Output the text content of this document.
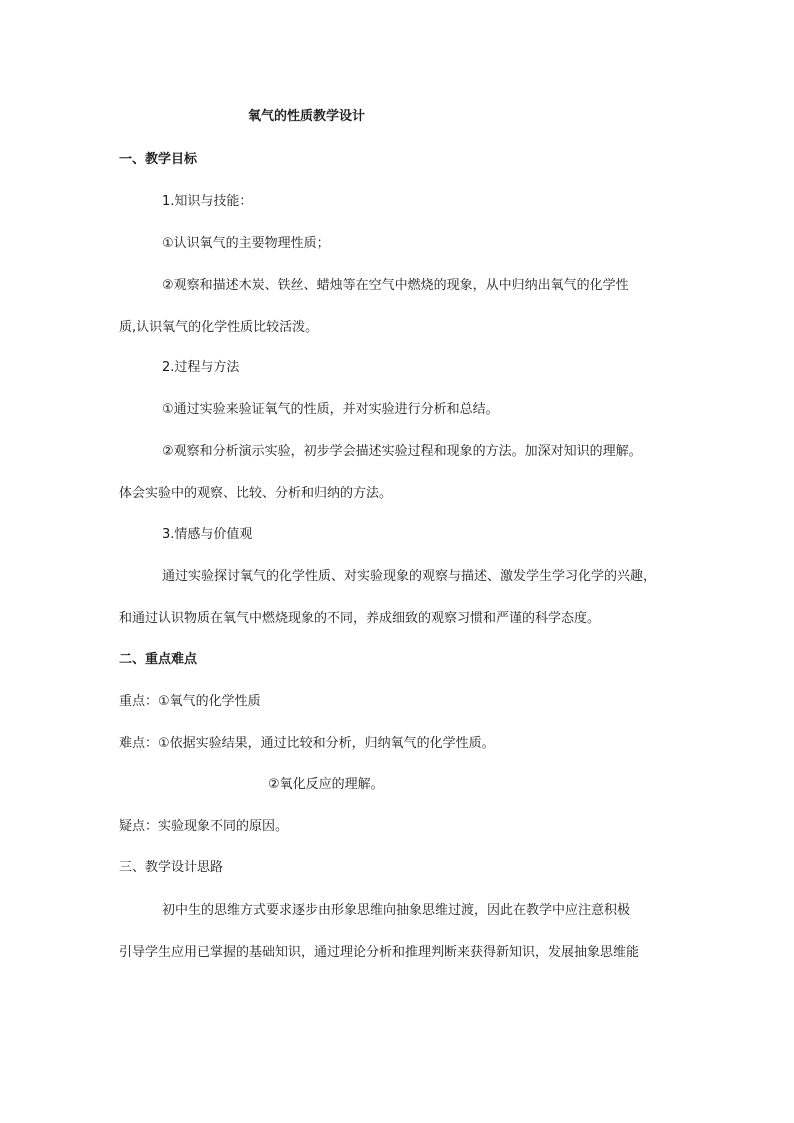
氧气的性质教学设计
一、教学目标
1.知识与技能：
①认识氧气的主要物理性质；
②观察和描述木炭、铁丝、蜡烛等在空气中燃烧的现象，从中归纳出氧气的化学性
质,认识氧气的化学性质比较活泼。
2.过程与方法
①通过实验来验证氧气的性质，并对实验进行分析和总结。
②观察和分析演示实验，初步学会描述实验过程和现象的方法。加深对知识的理解。
体会实验中的观察、比较、分析和归纳的方法。
3.情感与价值观
通过实验探讨氧气的化学性质、对实验现象的观察与描述、激发学生学习化学的兴趣，
和通过认识物质在氧气中燃烧现象的不同，养成细致的观察习惯和严谨的科学态度。
二、重点难点
重点：①氧气的化学性质
难点：①依据实验结果，通过比较和分析，归纳氧气的化学性质。
②氧化反应的理解。
疑点：实验现象不同的原因。
三、教学设计思路
初中生的思维方式要求逐步由形象思维向抽象思维过渡，因此在教学中应注意积极
引导学生应用已掌握的基础知识，通过理论分析和推理判断来获得新知识，发展抽象思维能
